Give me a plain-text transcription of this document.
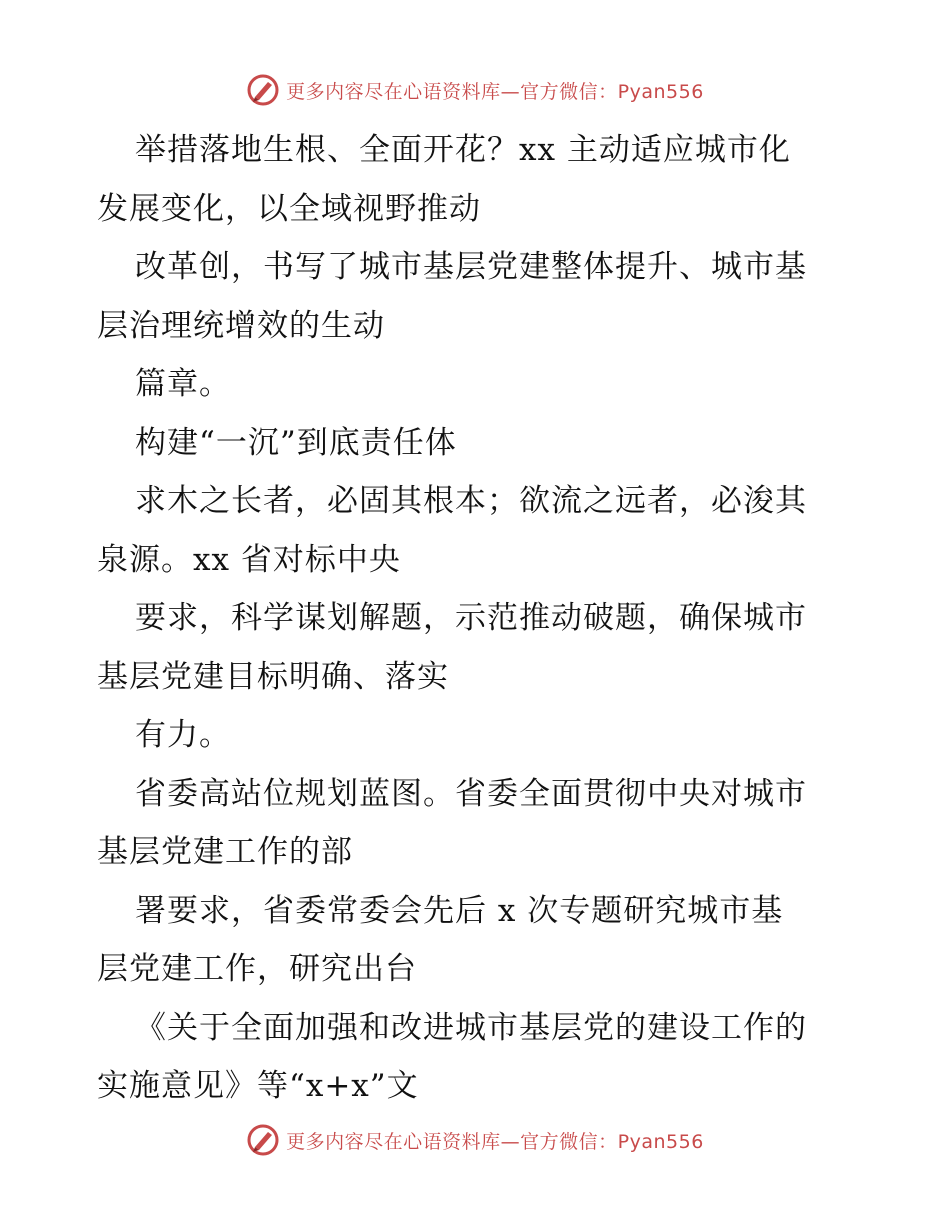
更多内容尽在心语资料库—官方微信：Pyan556
举措落地生根、全面开花？xx 主动适应城市化
发展变化，以全域视野推动
改革创，书写了城市基层党建整体提升、城市基
层治理统增效的生动
篇章。
构建“一沉”到底责任体
求木之长者，必固其根本；欲流之远者，必浚其
泉源。xx 省对标中央
要求，科学谋划解题，示范推动破题，确保城市
基层党建目标明确、落实
有力。
省委高站位规划蓝图。省委全面贯彻中央对城市
基层党建工作的部
署要求，省委常委会先后 x 次专题研究城市基
层党建工作，研究出台
《关于全面加强和改进城市基层党的建设工作的
实施意见》等“x+x”文
更多内容尽在心语资料库—官方微信：Pyan556
